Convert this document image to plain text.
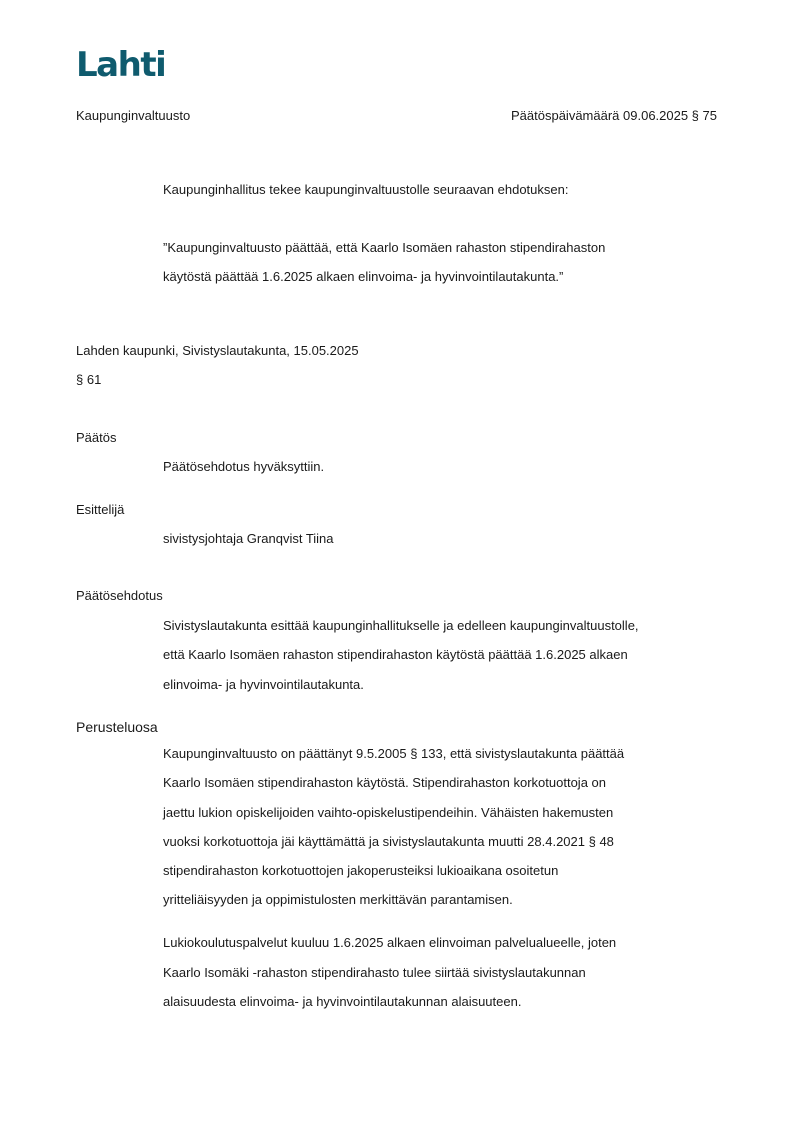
Lahti
Kaupunginvaltuusto	Päätöspäivämäärä 09.06.2025 § 75
Kaupunginhallitus tekee kaupunginvaltuustolle seuraavan ehdotuksen:
”Kaupunginvaltuusto päättää, että Kaarlo Isomäen rahaston stipendirahaston
käytöstä päättää 1.6.2025 alkaen elinvoima- ja hyvinvointilautakunta.”
Lahden kaupunki, Sivistyslautakunta, 15.05.2025
§ 61
Päätös
Päätösehdotus hyväksyttiin.
Esittelijä
sivistysjohtaja Granqvist Tiina
Päätösehdotus
Sivistyslautakunta esittää kaupunginhallitukselle ja edelleen kaupunginvaltuustolle,
että Kaarlo Isomäen rahaston stipendirahaston käytöstä päättää 1.6.2025 alkaen
elinvoima- ja hyvinvointilautakunta.
Perusteluosa
Kaupunginvaltuusto on päättänyt 9.5.2005 § 133, että sivistyslautakunta päättää
Kaarlo Isomäen stipendirahaston käytöstä. Stipendirahaston korkotuottoja on
jaettu lukion opiskelijoiden vaihto-opiskelustipendeihin. Vähäisten hakemusten
vuoksi korkotuottoja jäi käyttämättä ja sivistyslautakunta muutti 28.4.2021 § 48
stipendirahaston korkotuottojen jakoperusteiksi lukioaikana osoitetun
yritteliäisyyden ja oppimistulosten merkittävän parantamisen.
Lukiokoulutuspalvelut kuuluu 1.6.2025 alkaen elinvoiman palvelualueelle, joten
Kaarlo Isomäki -rahaston stipendirahasto tulee siirtää sivistyslautakunnan
alaisuudesta elinvoima- ja hyvinvointilautakunnan alaisuuteen.
